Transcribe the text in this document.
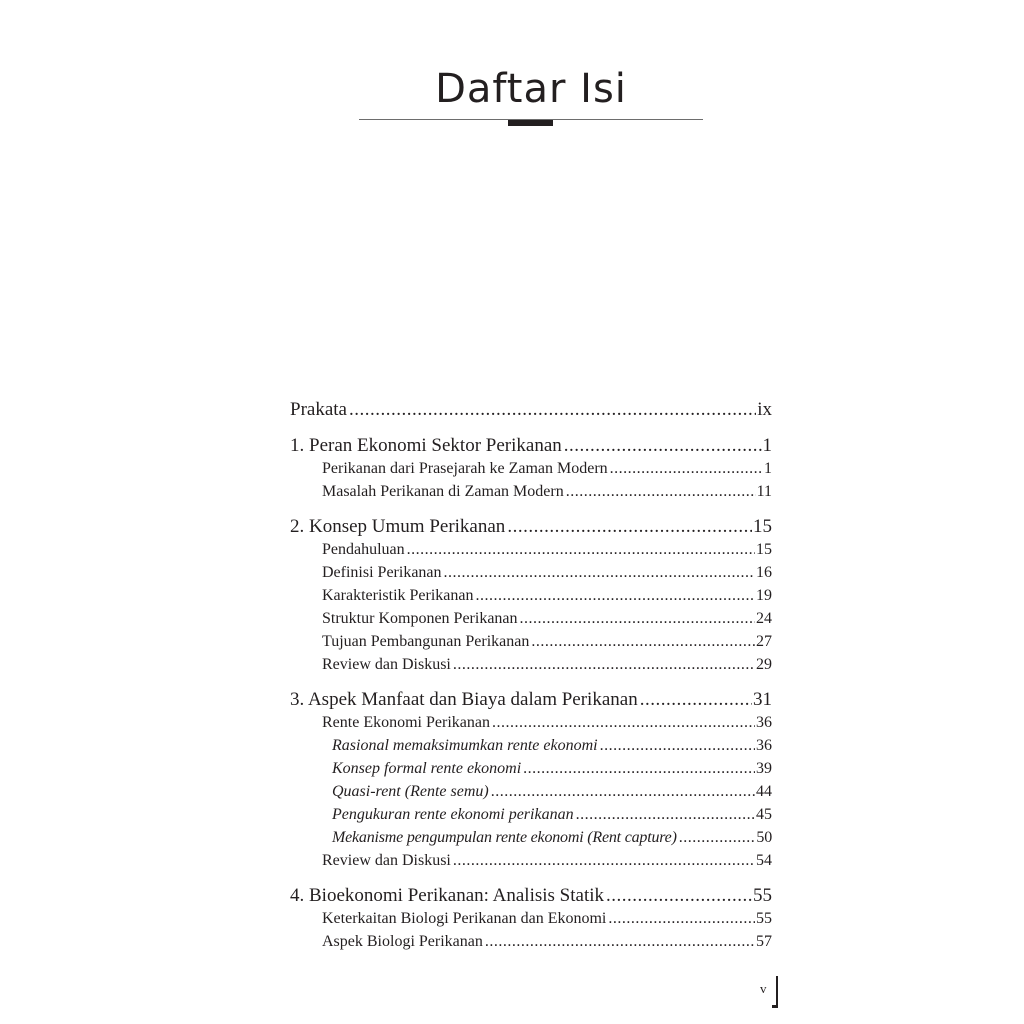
Daftar Isi
Prakata .....	ix
1. Peran Ekonomi Sektor Perikanan .....	1
Perikanan dari Prasejarah ke Zaman Modern .....	1
Masalah Perikanan di Zaman Modern .....	11
2. Konsep Umum Perikanan .....	15
Pendahuluan .....	15
Definisi Perikanan .....	16
Karakteristik Perikanan .....	19
Struktur Komponen Perikanan .....	24
Tujuan Pembangunan Perikanan .....	27
Review dan Diskusi .....	29
3. Aspek Manfaat dan Biaya dalam Perikanan .....	31
Rente Ekonomi Perikanan .....	36
Rasional memaksimumkan rente ekonomi .....	36
Konsep formal rente ekonomi .....	39
Quasi-rent (Rente semu) .....	44
Pengukuran rente ekonomi perikanan .....	45
Mekanisme pengumpulan rente ekonomi (Rent capture) .....	50
Review dan Diskusi .....	54
4. Bioekonomi Perikanan: Analisis Statik .....	55
Keterkaitan Biologi Perikanan dan Ekonomi .....	55
Aspek Biologi Perikanan .....	57
v
